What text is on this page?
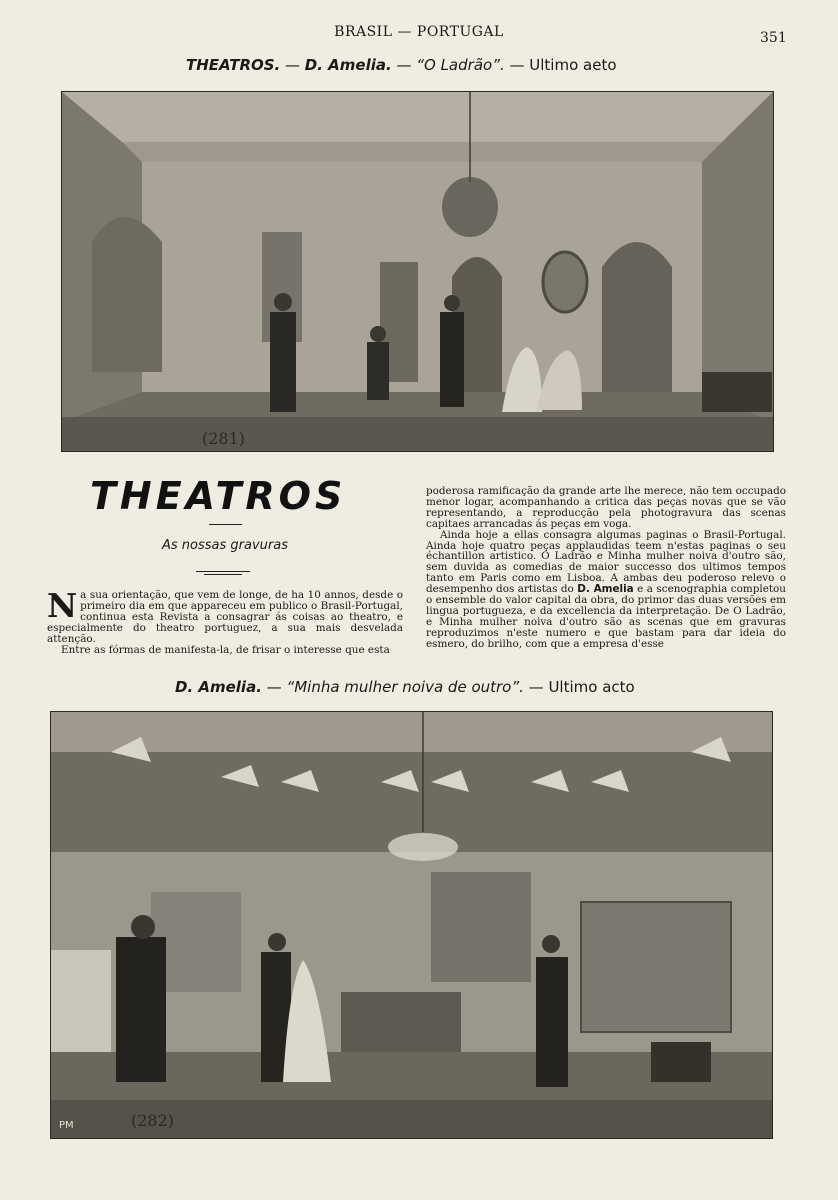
BRASIL — PORTUGAL	351
THEATROS. — D. Amelia. — “O Ladrão”. — Ultimo aeto
(281)
THEATROS
As nossas gravuras

Na sua orientação, que vem de longe, de ha 10 annos, desde o primeiro dia em que appareceu em publico o Brasil-Portugal, continua esta Revista a consagrar ás coisas ao theatro, e especialmente do theatro portuguez, a sua mais desvelada attenção.

Entre as fórmas de manifesta-la, de frisar o interesse que esta

poderosa ramificação da grande arte lhe merece, não tem occupado menor logar, acompanhando a critica das peças novas que se vão representando, a reproducção pela photogravura das scenas capitaes arrancadas ás peças em voga.

Ainda hoje a ellas consagra algumas paginas o Brasil-Portugal. Ainda hoje quatro peças applaudidas teem n'estas paginas o seu échantillon artistico. O Ladrão e Minha mulher noiva d'outro são, sem duvida as comedias de maior successo dos ultimos tempos tanto em Paris como em Lisboa. A ambas deu poderoso relevo o desempenho dos artistas do D. Amelia e a scenographia completou o ensemble do valor capital da obra, do primor das duas versões em lingua portugueza, e da excellencia da interpretação. De O Ladrão, e Minha mulher noiva d'outro são as scenas que em gravuras reproduzimos n'este numero e que bastam para dar ideia do esmero, do brilho, com que a empresa d'esse

D. Amelia. — “Minha mulher noiva de outro”. — Ultimo acto
PM	(282)
